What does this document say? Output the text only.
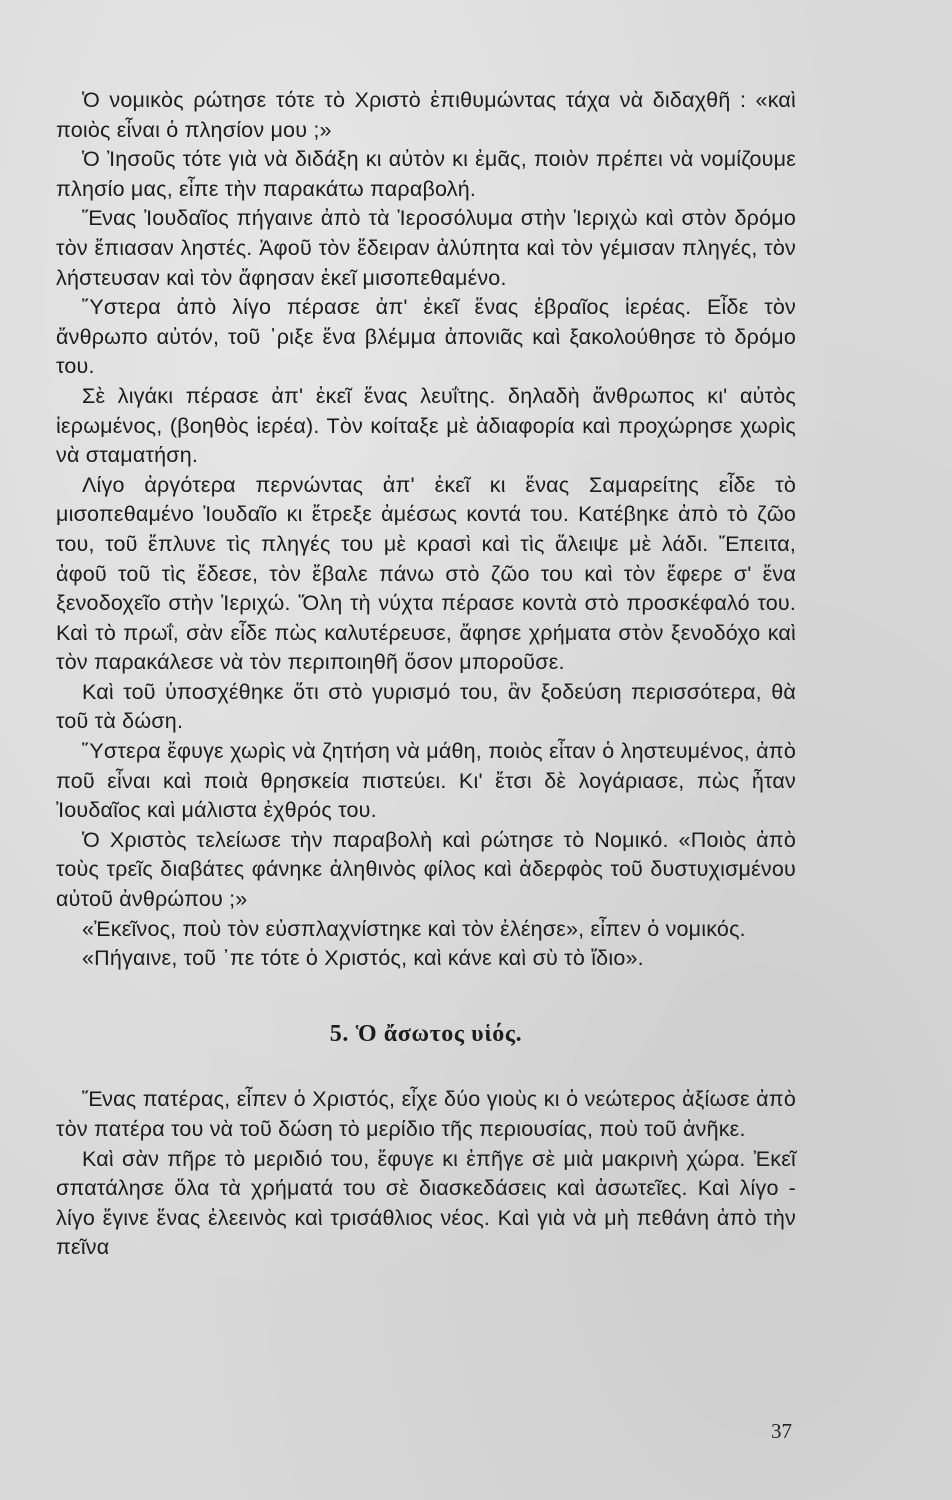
Ὁ νομικὸς ρώτησε τότε τὸ Χριστὸ ἐπιθυμώντας τάχα νὰ διδαχθῆ : «καὶ ποιὸς εἶναι ὁ πλησίον μου ;»

Ὁ Ἰησοῦς τότε γιὰ νὰ διδάξη κι αὐτὸν κι ἐμᾶς, ποιὸν πρέπει νὰ νομίζουμε πλησίο μας, εἶπε τὴν παρακάτω παραβολή.

Ἕνας Ἰουδαῖος πήγαινε ἀπὸ τὰ Ἱεροσόλυμα στὴν Ἱεριχὼ καὶ στὸν δρόμο τὸν ἔπιασαν ληστές. Ἀφοῦ τὸν ἔδειραν ἀλύπητα καὶ τὸν γέμισαν πληγές, τὸν λήστευσαν καὶ τὸν ἄφησαν ἐκεῖ μισοπεθαμένο.

Ὕστερα ἀπὸ λίγο πέρασε ἀπ' ἐκεῖ ἕνας ἑβραῖος ἱερέας. Εἶδε τὸν ἄνθρωπο αὐτόν, τοῦ ᾽ριξε ἕνα βλέμμα ἀπονιᾶς καὶ ξακολούθησε τὸ δρόμο του.

Σὲ λιγάκι πέρασε ἀπ' ἐκεῖ ἕνας λευΐτης. δηλαδὴ ἄνθρωπος κι' αὐτὸς ἱερωμένος, (βοηθὸς ἱερέα). Τὸν κοίταξε μὲ ἀδιαφορία καὶ προχώρησε χωρὶς νὰ σταματήση.

Λίγο ἀργότερα περνώντας ἀπ' ἐκεῖ κι ἕνας Σαμαρείτης εἶδε τὸ μισοπεθαμένο Ἰουδαῖο κι ἔτρεξε ἀμέσως κοντά του. Κατέβηκε ἀπὸ τὸ ζῶο του, τοῦ ἔπλυνε τὶς πληγές του μὲ κρασὶ καὶ τὶς ἄλειψε μὲ λάδι. Ἔπειτα, ἀφοῦ τοῦ τὶς ἔδεσε, τὸν ἔβαλε πάνω στὸ ζῶο του καὶ τὸν ἔφερε σ' ἕνα ξενοδοχεῖο στὴν Ἱεριχώ. Ὅλη τὴ νύχτα πέρασε κοντὰ στὸ προσκέφαλό του. Καὶ τὸ πρωΐ, σὰν εἶδε πὼς καλυτέρευσε, ἄφησε χρήματα στὸν ξενοδόχο καὶ τὸν παρακάλεσε νὰ τὸν περιποιηθῆ ὅσον μποροῦσε.

Καὶ τοῦ ὑποσχέθηκε ὅτι στὸ γυρισμό του, ἂν ξοδεύση περισσότερα, θὰ τοῦ τὰ δώση.

Ὕστερα ἔφυγε χωρὶς νὰ ζητήση νὰ μάθη, ποιὸς εἶταν ὁ ληστευμένος, ἀπὸ ποῦ εἶναι καὶ ποιὰ θρησκεία πιστεύει. Κι' ἔτσι δὲ λογάριασε, πὼς ἦταν Ἰουδαῖος καὶ μάλιστα ἐχθρός του.

Ὁ Χριστὸς τελείωσε τὴν παραβολὴ καὶ ρώτησε τὸ Νομικό. «Ποιὸς ἀπὸ τοὺς τρεῖς διαβάτες φάνηκε ἀληθινὸς φίλος καὶ ἀδερφὸς τοῦ δυστυχισμένου αὐτοῦ ἀνθρώπου ;»

«Ἐκεῖνος, ποὺ τὸν εὐσπλαχνίστηκε καὶ τὸν ἐλέησε», εἶπεν ὁ νομικός.

«Πήγαινε, τοῦ ᾽πε τότε ὁ Χριστός, καὶ κάνε καὶ σὺ τὸ ἴδιο».

5. Ὁ ἄσωτος υἱός.

Ἕνας πατέρας, εἶπεν ὁ Χριστός, εἶχε δύο γιοὺς κι ὁ νεώτερος ἀξίωσε ἀπὸ τὸν πατέρα του νὰ τοῦ δώση τὸ μερίδιο τῆς περιουσίας, ποὺ τοῦ ἀνῆκε.

Καὶ σὰν πῆρε τὸ μεριδιό του, ἔφυγε κι ἐπῆγε σὲ μιὰ μακρινὴ χώρα. Ἐκεῖ σπατάλησε ὅλα τὰ χρήματά του σὲ διασκεδάσεις καὶ ἀσωτεῖες. Καὶ λίγο - λίγο ἔγινε ἕνας ἐλεεινὸς καὶ τρισάθλιος νέος. Καὶ γιὰ νὰ μὴ πεθάνη ἀπὸ τὴν πεῖνα

37
